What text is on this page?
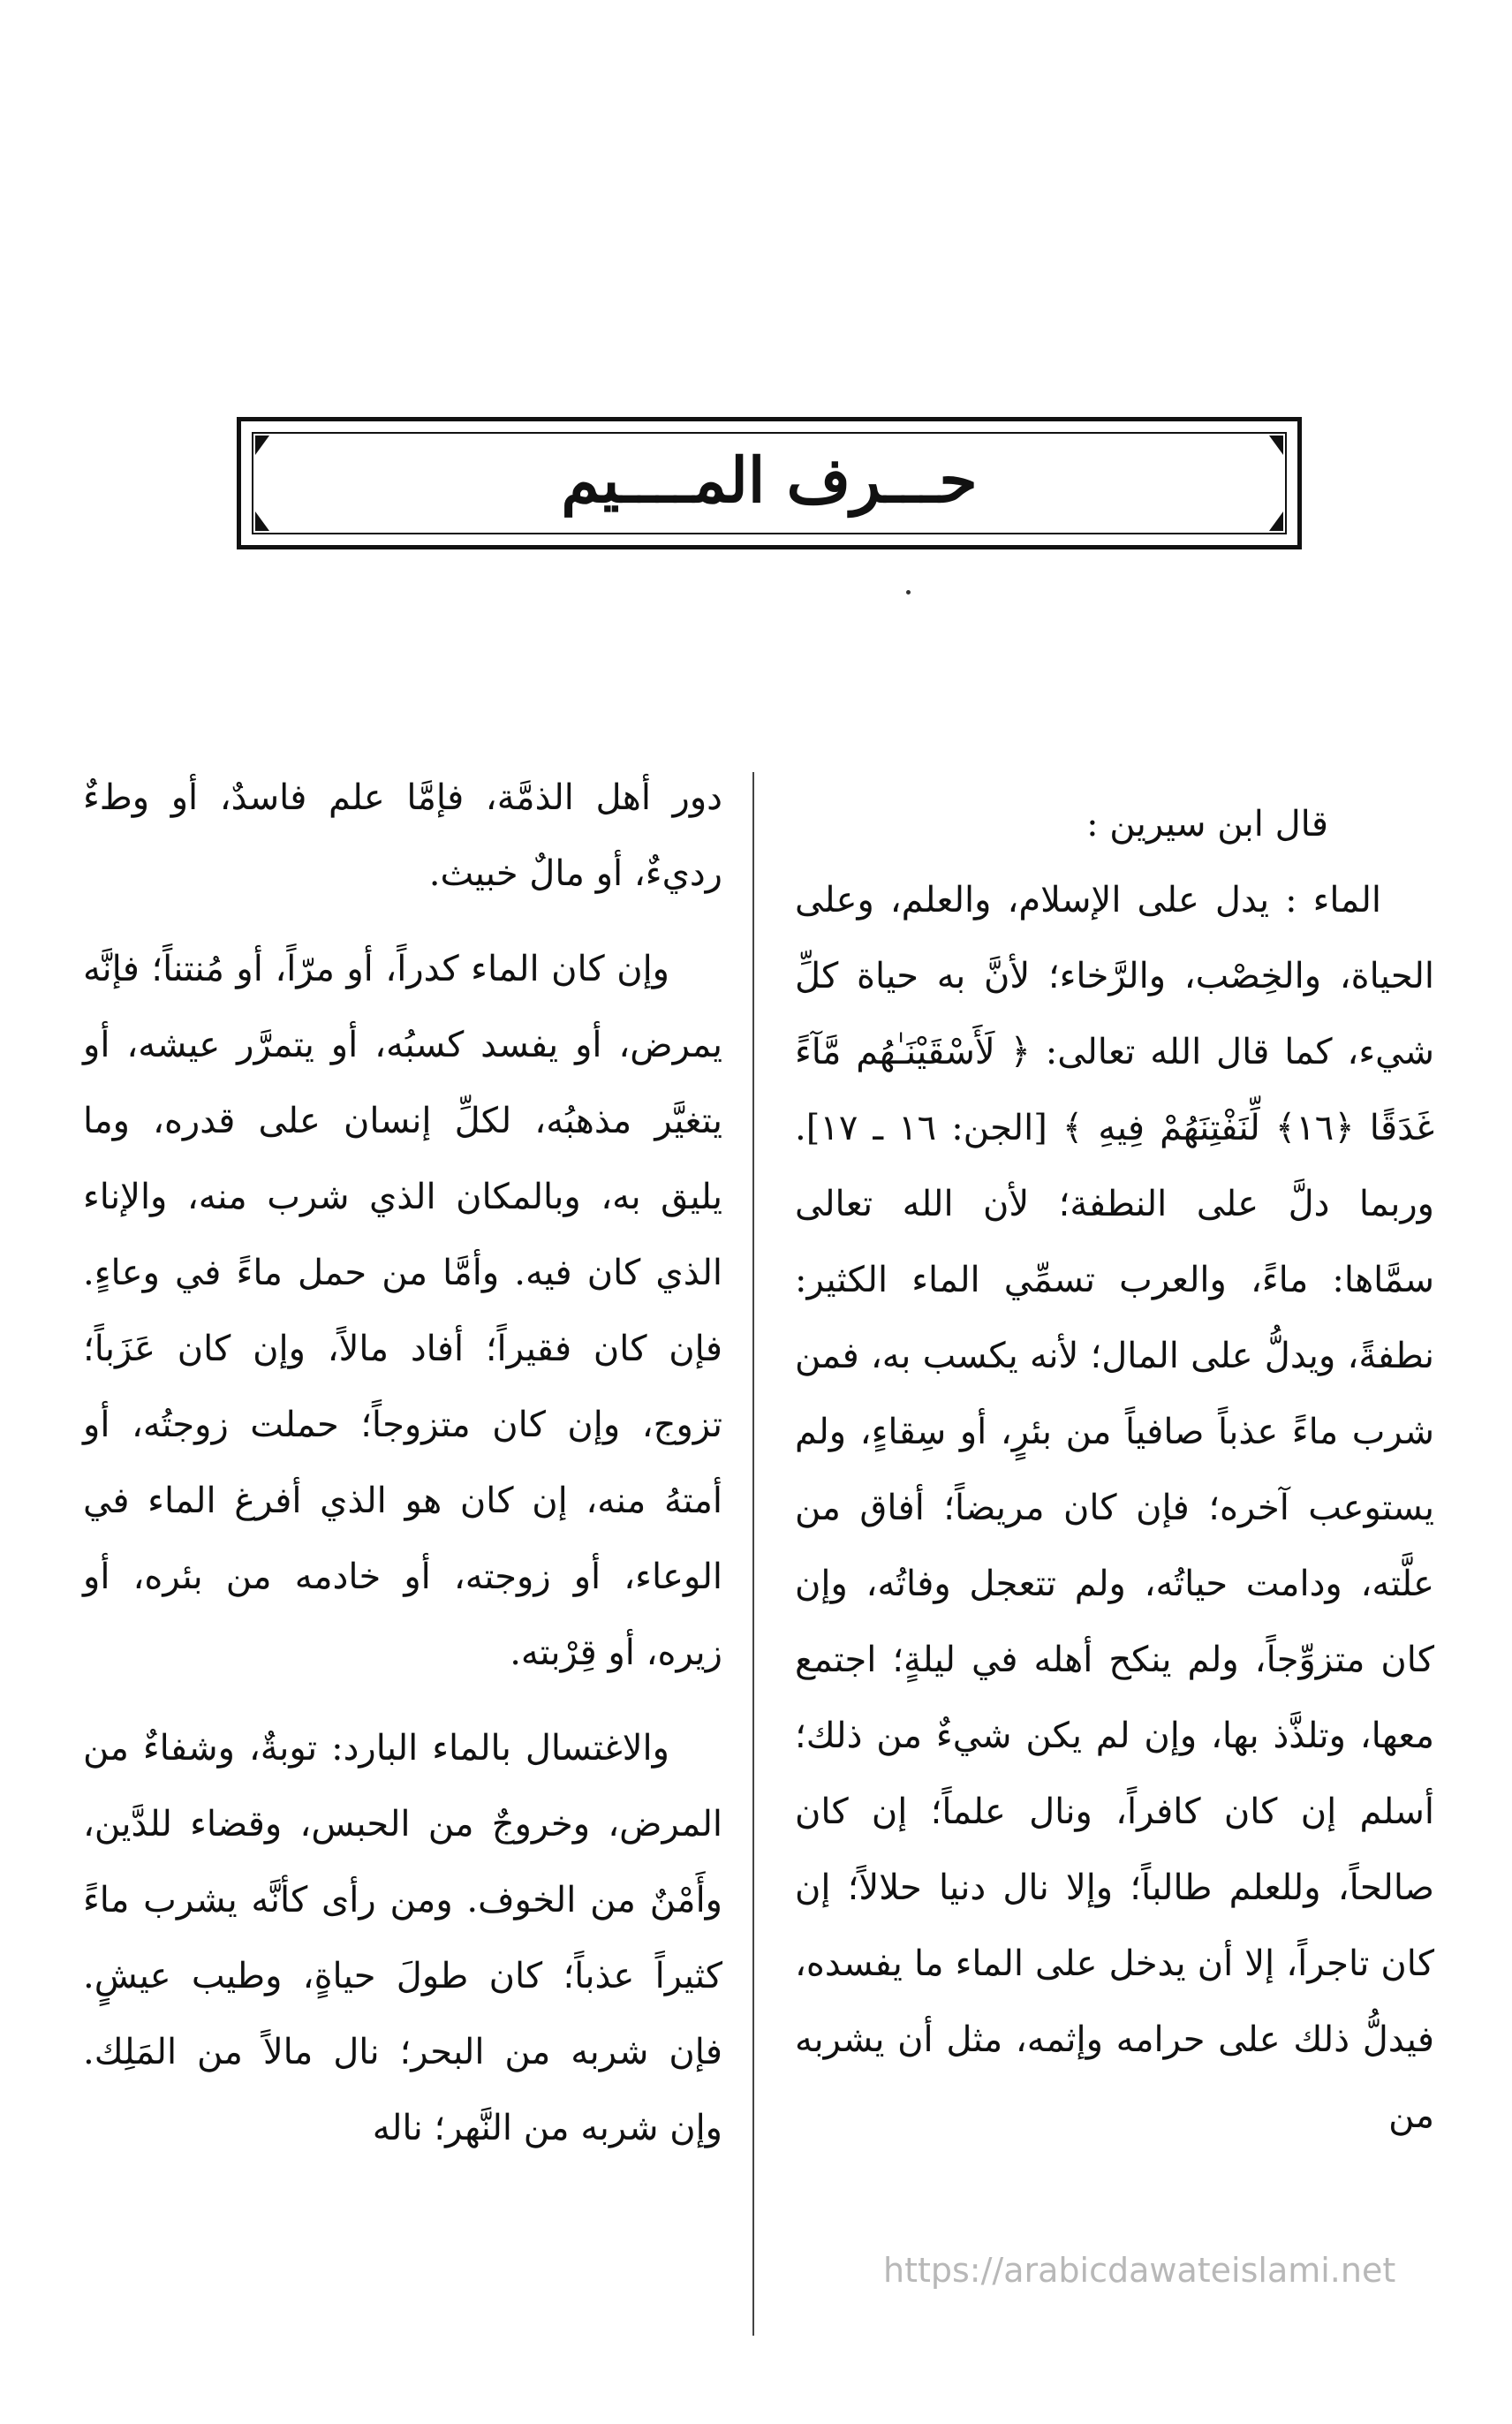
حـــرف المــــيم

قال ابن سيرين :

الماء : يدل على الإسلام، والعلم، وعلى الحياة، والخِصْب، والرَّخاء؛ لأنَّ به حياة كلِّ شيء، كما قال الله تعالى: ﴿ لَأَسْقَيْنَـٰهُم مَّآءً غَدَقًا ﴿١٦﴾ لِّنَفْتِنَهُمْ فِيهِ ﴾ [الجن: ١٦ ـ ١٧]. وربما دلَّ على النطفة؛ لأن الله تعالى سمَّاها: ماءً، والعرب تسمِّي الماء الكثير: نطفةً، ويدلُّ على المال؛ لأنه يكسب به، فمن شرب ماءً عذباً صافياً من بئرٍ، أو سِقاءٍ، ولم يستوعب آخره؛ فإن كان مريضاً؛ أفاق من علَّته، ودامت حياتُه، ولم تتعجل وفاتُه، وإن كان متزوِّجاً، ولم ينكح أهله في ليلةٍ؛ اجتمع معها، وتلذَّذ بها، وإن لم يكن شيءٌ من ذلك؛ أسلم إن كان كافراً، ونال علماً؛ إن كان صالحاً، وللعلم طالباً؛ وإلا نال دنيا حلالاً؛ إن كان تاجراً، إلا أن يدخل على الماء ما يفسده، فيدلُّ ذلك على حرامه وإثمه، مثل أن يشربه من

دور أهل الذمَّة، فإمَّا علم فاسدٌ، أو وطءٌ رديءٌ، أو مالٌ خبيث.

وإن كان الماء كدراً، أو مرّاً، أو مُنتناً؛ فإنَّه يمرض، أو يفسد كسبُه، أو يتمرَّر عيشه، أو يتغيَّر مذهبُه، لكلِّ إنسان على قدره، وما يليق به، وبالمكان الذي شرب منه، والإناء الذي كان فيه. وأمَّا من حمل ماءً في وعاءٍ. فإن كان فقيراً؛ أفاد مالاً، وإن كان عَزَباً؛ تزوج، وإن كان متزوجاً؛ حملت زوجتُه، أو أمتهُ منه، إن كان هو الذي أفرغ الماء في الوعاء، أو زوجته، أو خادمه من بئره، أو زيره، أو قِرْبته.

والاغتسال بالماء البارد: توبةٌ، وشفاءٌ من المرض، وخروجٌ من الحبس، وقضاء للدَّين، وأَمْنٌ من الخوف. ومن رأى كأنَّه يشرب ماءً كثيراً عذباً؛ كان طولَ حياةٍ، وطيب عيشٍ. فإن شربه من البحر؛ نال مالاً من المَلِك. وإن شربه من النَّهر؛ ناله

https://arabicdawateislami.net
